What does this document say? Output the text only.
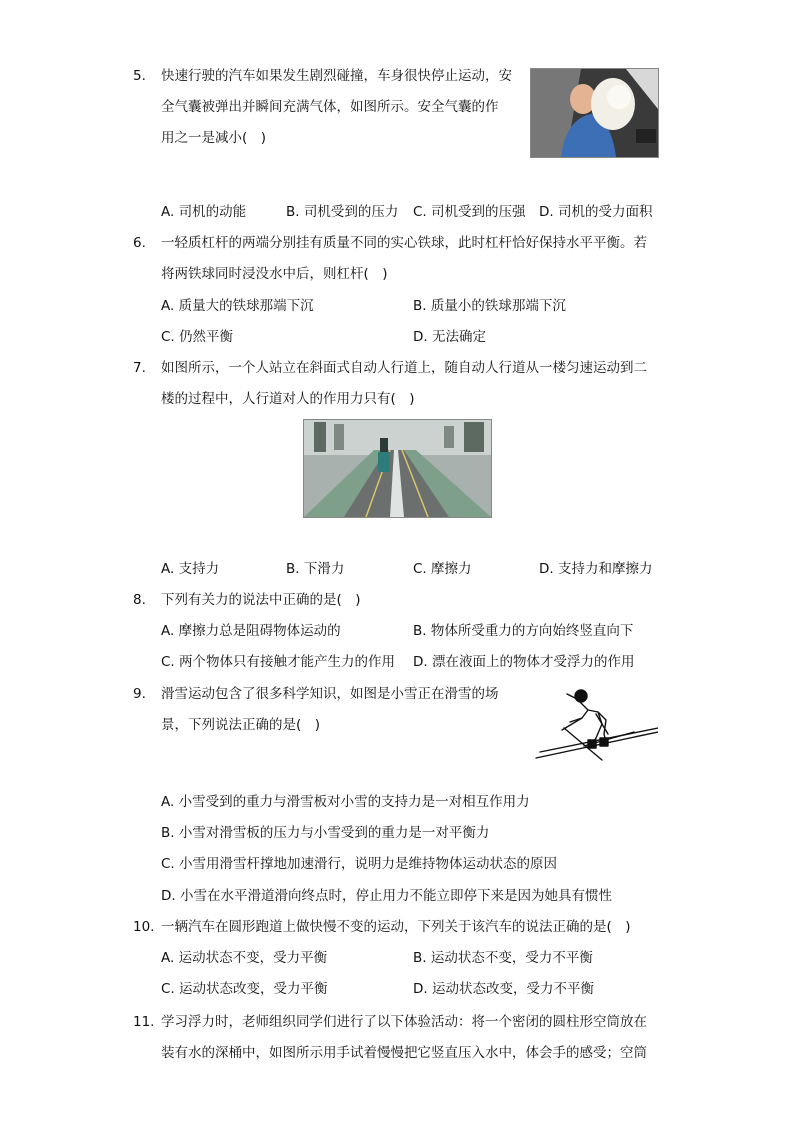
5.	快速行驶的汽车如果发生剧烈碰撞，车身很快停止运动，安
全气囊被弹出并瞬间充满气体，如图所示。安全气囊的作
用之一是减小(　)
A. 司机的动能	B. 司机受到的压力 C. 司机受到的压强 D. 司机的受力面积
6.	一轻质杠杆的两端分别挂有质量不同的实心铁球，此时杠杆恰好保持水平平衡。若
将两铁球同时浸没水中后，则杠杆(　)
A. 质量大的铁球那端下沉	B. 质量小的铁球那端下沉
C. 仍然平衡	D. 无法确定
7.	如图所示，一个人站立在斜面式自动人行道上，随自动人行道从一楼匀速运动到二
楼的过程中，人行道对人的作用力只有(　)
A. 支持力	B. 下滑力	C. 摩擦力	D. 支持力和摩擦力
8.	下列有关力的说法中正确的是(　)
A. 摩擦力总是阻碍物体运动的	B. 物体所受重力的方向始终竖直向下
C. 两个物体只有接触才能产生力的作用 D. 漂在液面上的物体才受浮力的作用
9.	滑雪运动包含了很多科学知识，如图是小雪正在滑雪的场
景，下列说法正确的是(　)
A. 小雪受到的重力与滑雪板对小雪的支持力是一对相互作用力
B. 小雪对滑雪板的压力与小雪受到的重力是一对平衡力
C. 小雪用滑雪杆撑地加速滑行，说明力是维持物体运动状态的原因
D. 小雪在水平滑道滑向终点时，停止用力不能立即停下来是因为她具有惯性
10. 一辆汽车在圆形跑道上做快慢不变的运动，下列关于该汽车的说法正确的是(　)
A. 运动状态不变，受力平衡	B. 运动状态不变，受力不平衡
C. 运动状态改变，受力平衡	D. 运动状态改变，受力不平衡
11. 学习浮力时，老师组织同学们进行了以下体验活动：将一个密闭的圆柱形空筒放在
装有水的深桶中，如图所示用手试着慢慢把它竖直压入水中，体会手的感受；空筒
